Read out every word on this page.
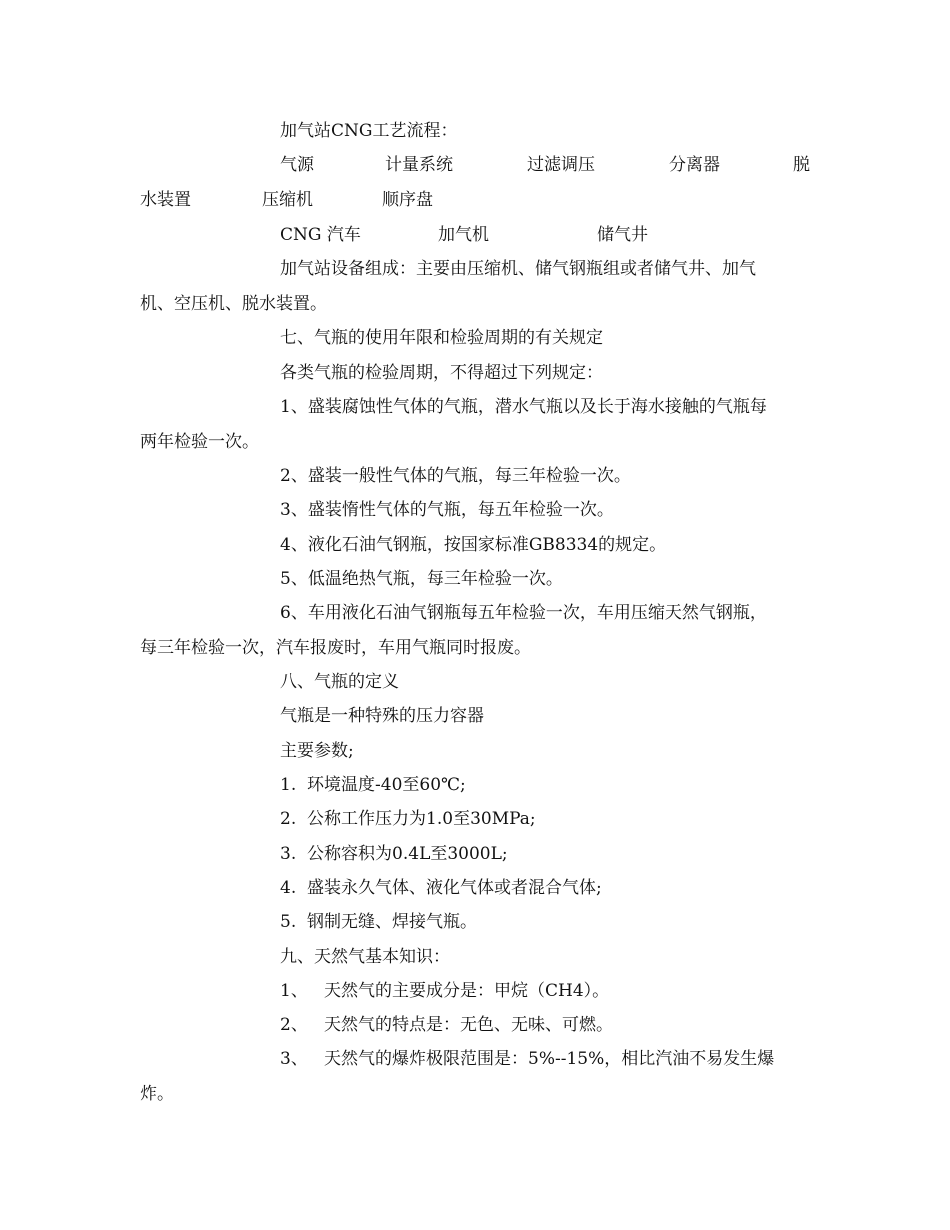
加气站CNG工艺流程：

气源	计量系统	过滤调压	分离器	脱
水装置	压缩机	顺序盘
CNG 汽车	加气机	储气井

加气站设备组成：主要由压缩机、储气钢瓶组或者储气井、加气

机、空压机、脱水装置。

七、气瓶的使用年限和检验周期的有关规定

各类气瓶的检验周期，不得超过下列规定：

1、盛装腐蚀性气体的气瓶，潜水气瓶以及长于海水接触的气瓶每

两年检验一次。

2、盛装一般性气体的气瓶，每三年检验一次。

3、盛装惰性气体的气瓶，每五年检验一次。

4、液化石油气钢瓶，按国家标准GB8334的规定。

5、低温绝热气瓶，每三年检验一次。

6、车用液化石油气钢瓶每五年检验一次，车用压缩天然气钢瓶，

每三年检验一次，汽车报废时，车用气瓶同时报废。

八、气瓶的定义

气瓶是一种特殊的压力容器

主要参数;

1.  环境温度-40至60℃;

2.  公称工作压力为1.0至30MPa;

3.  公称容积为0.4L至3000L;

4.  盛装永久气体、液化气体或者混合气体;

5.  钢制无缝、焊接气瓶。

九、天然气基本知识：

1、   天然气的主要成分是：甲烷（CH4）。

2、   天然气的特点是：无色、无味、可燃。

3、   天然气的爆炸极限范围是：5%--15%，相比汽油不易发生爆

炸。
